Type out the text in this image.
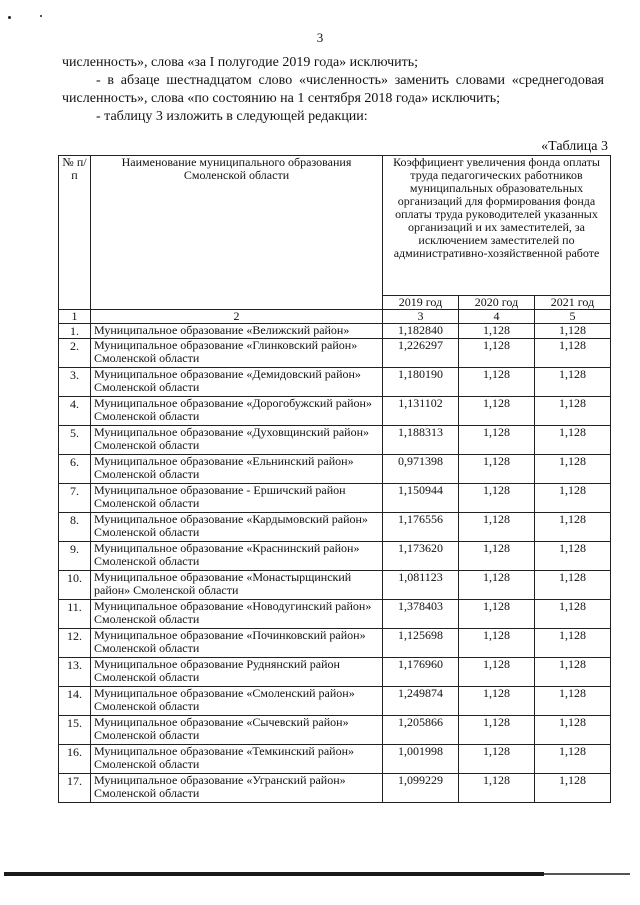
3

численность», слова «за I полугодие 2019 года» исключить;

- в абзаце шестнадцатом слово «численность» заменить словами «среднегодовая численность», слова «по состоянию на 1 сентября 2018 года» исключить;

- таблицу 3 изложить в следующей редакции:

«Таблица 3
№ п/п	Наименование муниципального образования Смоленской области	Коэффициент увеличения фонда оплаты труда педагогических работников муниципальных образовательных организаций для формирования фонда оплаты труда руководителей указанных организаций и их заместителей, за исключением заместителей по административно-хозяйственной работе		
		2019 год	2020 год	2021 год
1	2	3	4	5
1.	Муниципальное образование «Велижский район»	1,182840	1,128	1,128
2.	Муниципальное образование «Глинковский район» Смоленской области	1,226297	1,128	1,128
3.	Муниципальное образование «Демидовский район» Смоленской области	1,180190	1,128	1,128
4.	Муниципальное образование «Дорогобужский район» Смоленской области	1,131102	1,128	1,128
5.	Муниципальное образование «Духовщинский район» Смоленской области	1,188313	1,128	1,128
6.	Муниципальное образование «Ельнинский район» Смоленской области	0,971398	1,128	1,128
7.	Муниципальное образование - Ершичский район Смоленской области	1,150944	1,128	1,128
8.	Муниципальное образование «Кардымовский район» Смоленской области	1,176556	1,128	1,128
9.	Муниципальное образование «Краснинский район» Смоленской области	1,173620	1,128	1,128
10.	Муниципальное образование «Монастырщинский район» Смоленской области	1,081123	1,128	1,128
11.	Муниципальное образование «Новодугинский район» Смоленской области	1,378403	1,128	1,128
12.	Муниципальное образование «Починковский район» Смоленской области	1,125698	1,128	1,128
13.	Муниципальное образование Руднянский район Смоленской области	1,176960	1,128	1,128
14.	Муниципальное образование «Смоленский район» Смоленской области	1,249874	1,128	1,128
15.	Муниципальное образование «Сычевский район» Смоленской области	1,205866	1,128	1,128
16.	Муниципальное образование «Темкинский район» Смоленской области	1,001998	1,128	1,128
17.	Муниципальное образование «Угранский район» Смоленской области	1,099229	1,128	1,128
